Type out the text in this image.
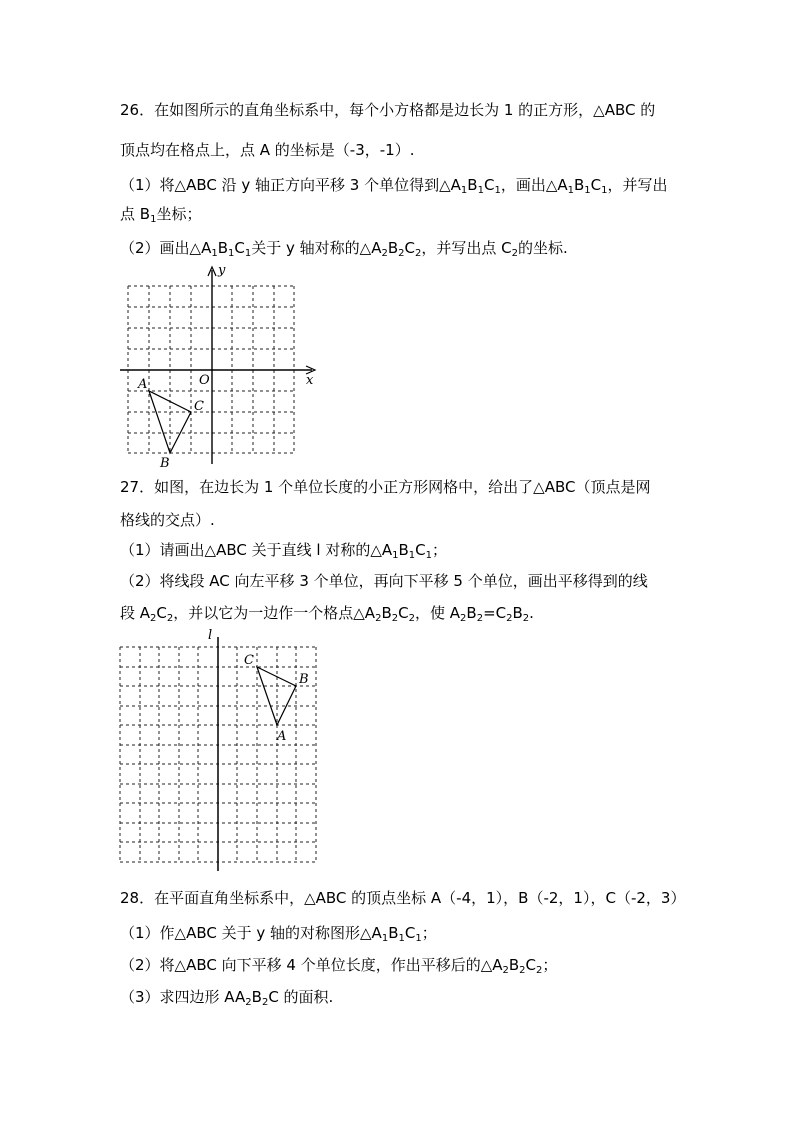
26．在如图所示的直角坐标系中，每个小方格都是边长为 1 的正方形，△ABC 的
顶点均在格点上，点 A 的坐标是（-3，-1）.
（1）将△ABC 沿 y 轴正方向平移 3 个单位得到$\triangle A_1B_1C_1$，画出$\triangle A_1B_1C_1$，并写出
点 $B_1$坐标；
（2）画出$\triangle A_1B_1C_1$关于 y 轴对称的$\triangle A_2B_2C_2$，并写出点 $C_2$的坐标.
y
x
O
A
B
C
27．如图，在边长为 1 个单位长度的小正方形网格中，给出了△ABC（顶点是网
格线的交点）.
（1）请画出△ABC 关于直线 l 对称的$\triangle A_1B_1C_1$；
（2）将线段 AC 向左平移 3 个单位，再向下平移 5 个单位，画出平移得到的线
段 $A_2C_2$，并以它为一边作一个格点$\triangle A_2B_2C_2$，使 $A_2B_2=C_2B_2$.
l
C
B
A
28．在平面直角坐标系中，△ABC 的顶点坐标 A（-4，1），B（-2，1），C（-2，3）
（1）作△ABC 关于 y 轴的对称图形$\triangle A_1B_1C_1$；
（2）将△ABC 向下平移 4 个单位长度，作出平移后的$\triangle A_2B_2C_2$；
（3）求四边形 $AA_2B_2C$ 的面积.
